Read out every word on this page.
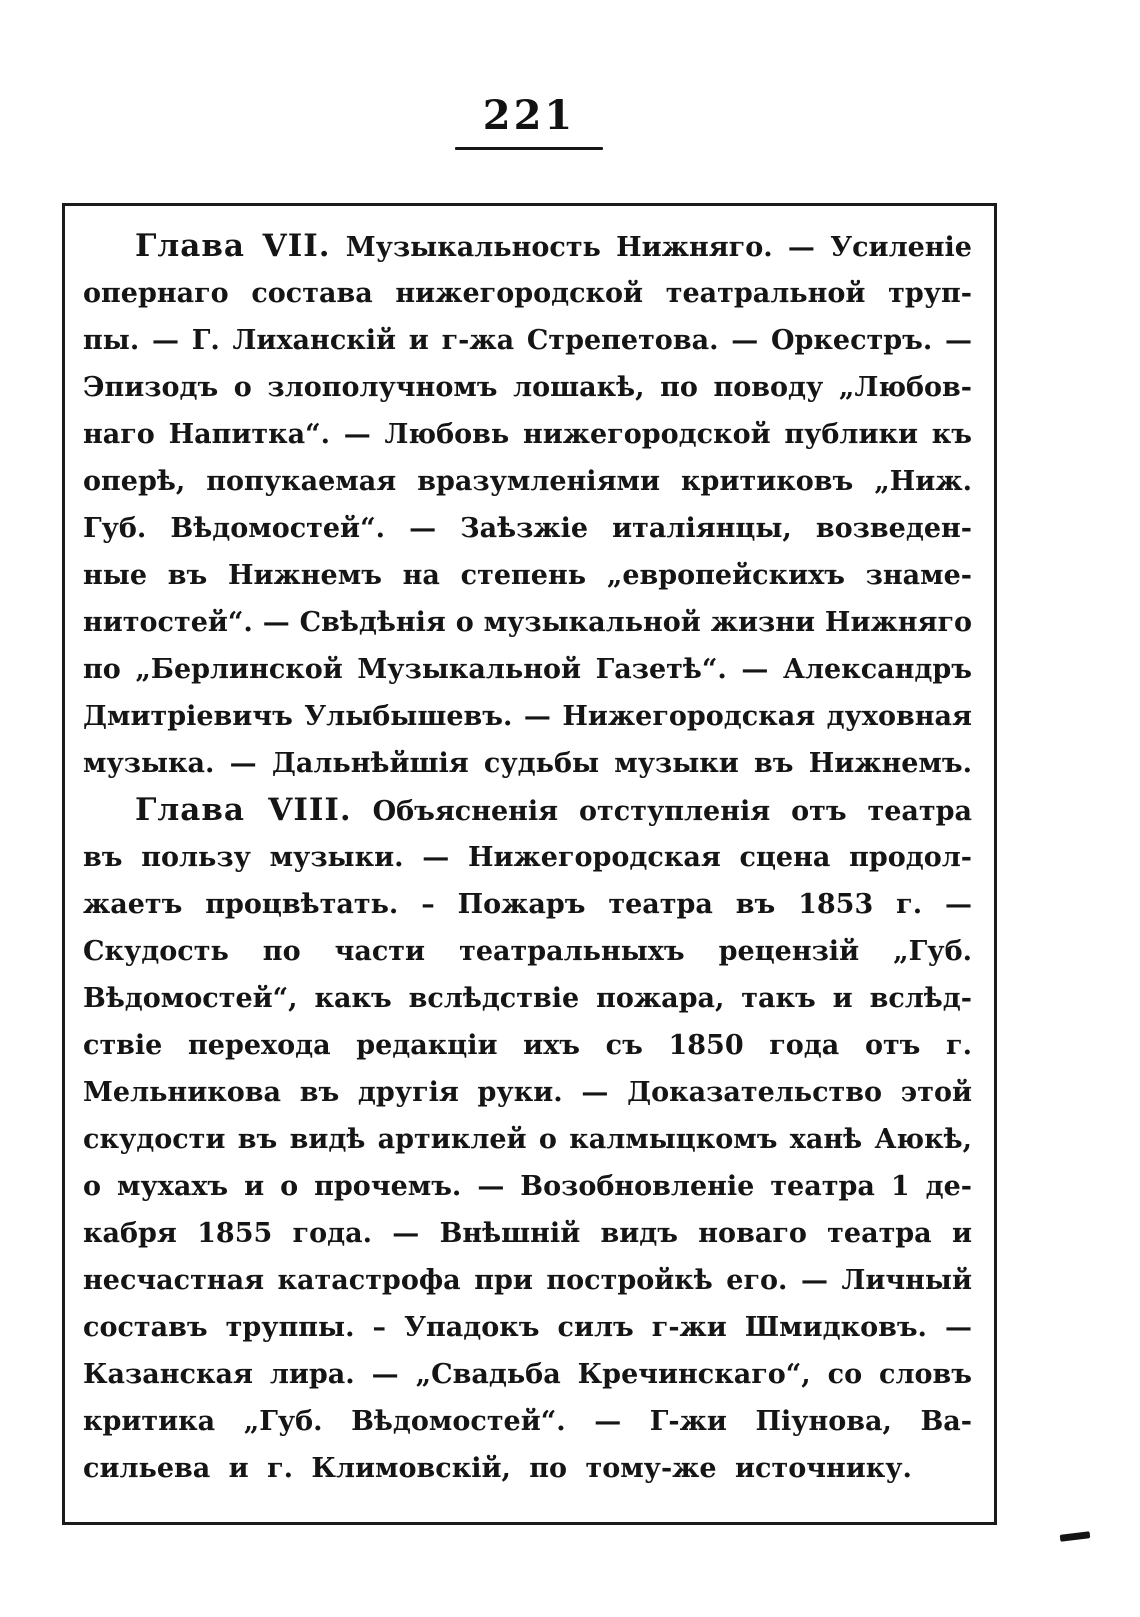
221
Глава VII. Музыкальность Нижняго. — Усиленіе
опернаго состава нижегородской театральной труп-
пы. — Г. Лиханскій и г-жа Стрепетова. — Оркестръ. —
Эпизодъ о злополучномъ лошакѣ, по поводу „Любов-
наго Напитка“. — Любовь нижегородской публики къ
оперѣ, попукаемая вразумленіями критиковъ „Ниж.
Губ. Вѣдомостей“. — Заѣзжіе италіянцы, возведен-
ные въ Нижнемъ на степень „европейскихъ знаме-
нитостей“. — Свѣдѣнія о музыкальной жизни Нижняго
по „Берлинской Музыкальной Газетѣ“. — Александръ
Дмитріевичъ Улыбышевъ. — Нижегородская духовная
музыка. — Дальнѣйшія судьбы музыки въ Нижнемъ.
Глава VIII. Объясненія отступленія отъ театра
въ пользу музыки. — Нижегородская сцена продол-
жаетъ процвѣтать. – Пожаръ театра въ 1853 г. —
Скудость по части театральныхъ рецензій „Губ.
Вѣдомостей“, какъ вслѣдствіе пожара, такъ и вслѣд-
ствіе перехода редакціи ихъ съ 1850 года отъ г.
Мельникова въ другія руки. — Доказательство этой
скудости въ видѣ артиклей о калмыцкомъ ханѣ Аюкѣ,
о мухахъ и о прочемъ. — Возобновленіе театра 1 де-
кабря 1855 года. — Внѣшній видъ новаго театра и
несчастная катастрофа при постройкѣ его. — Личный
составъ труппы. – Упадокъ силъ г-жи Шмидковъ. —
Казанская лира. — „Свадьба Кречинскаго“, со словъ
критика „Губ. Вѣдомостей“. — Г-жи Піунова, Ва-
сильева и г. Климовскій, по тому-же источнику.
